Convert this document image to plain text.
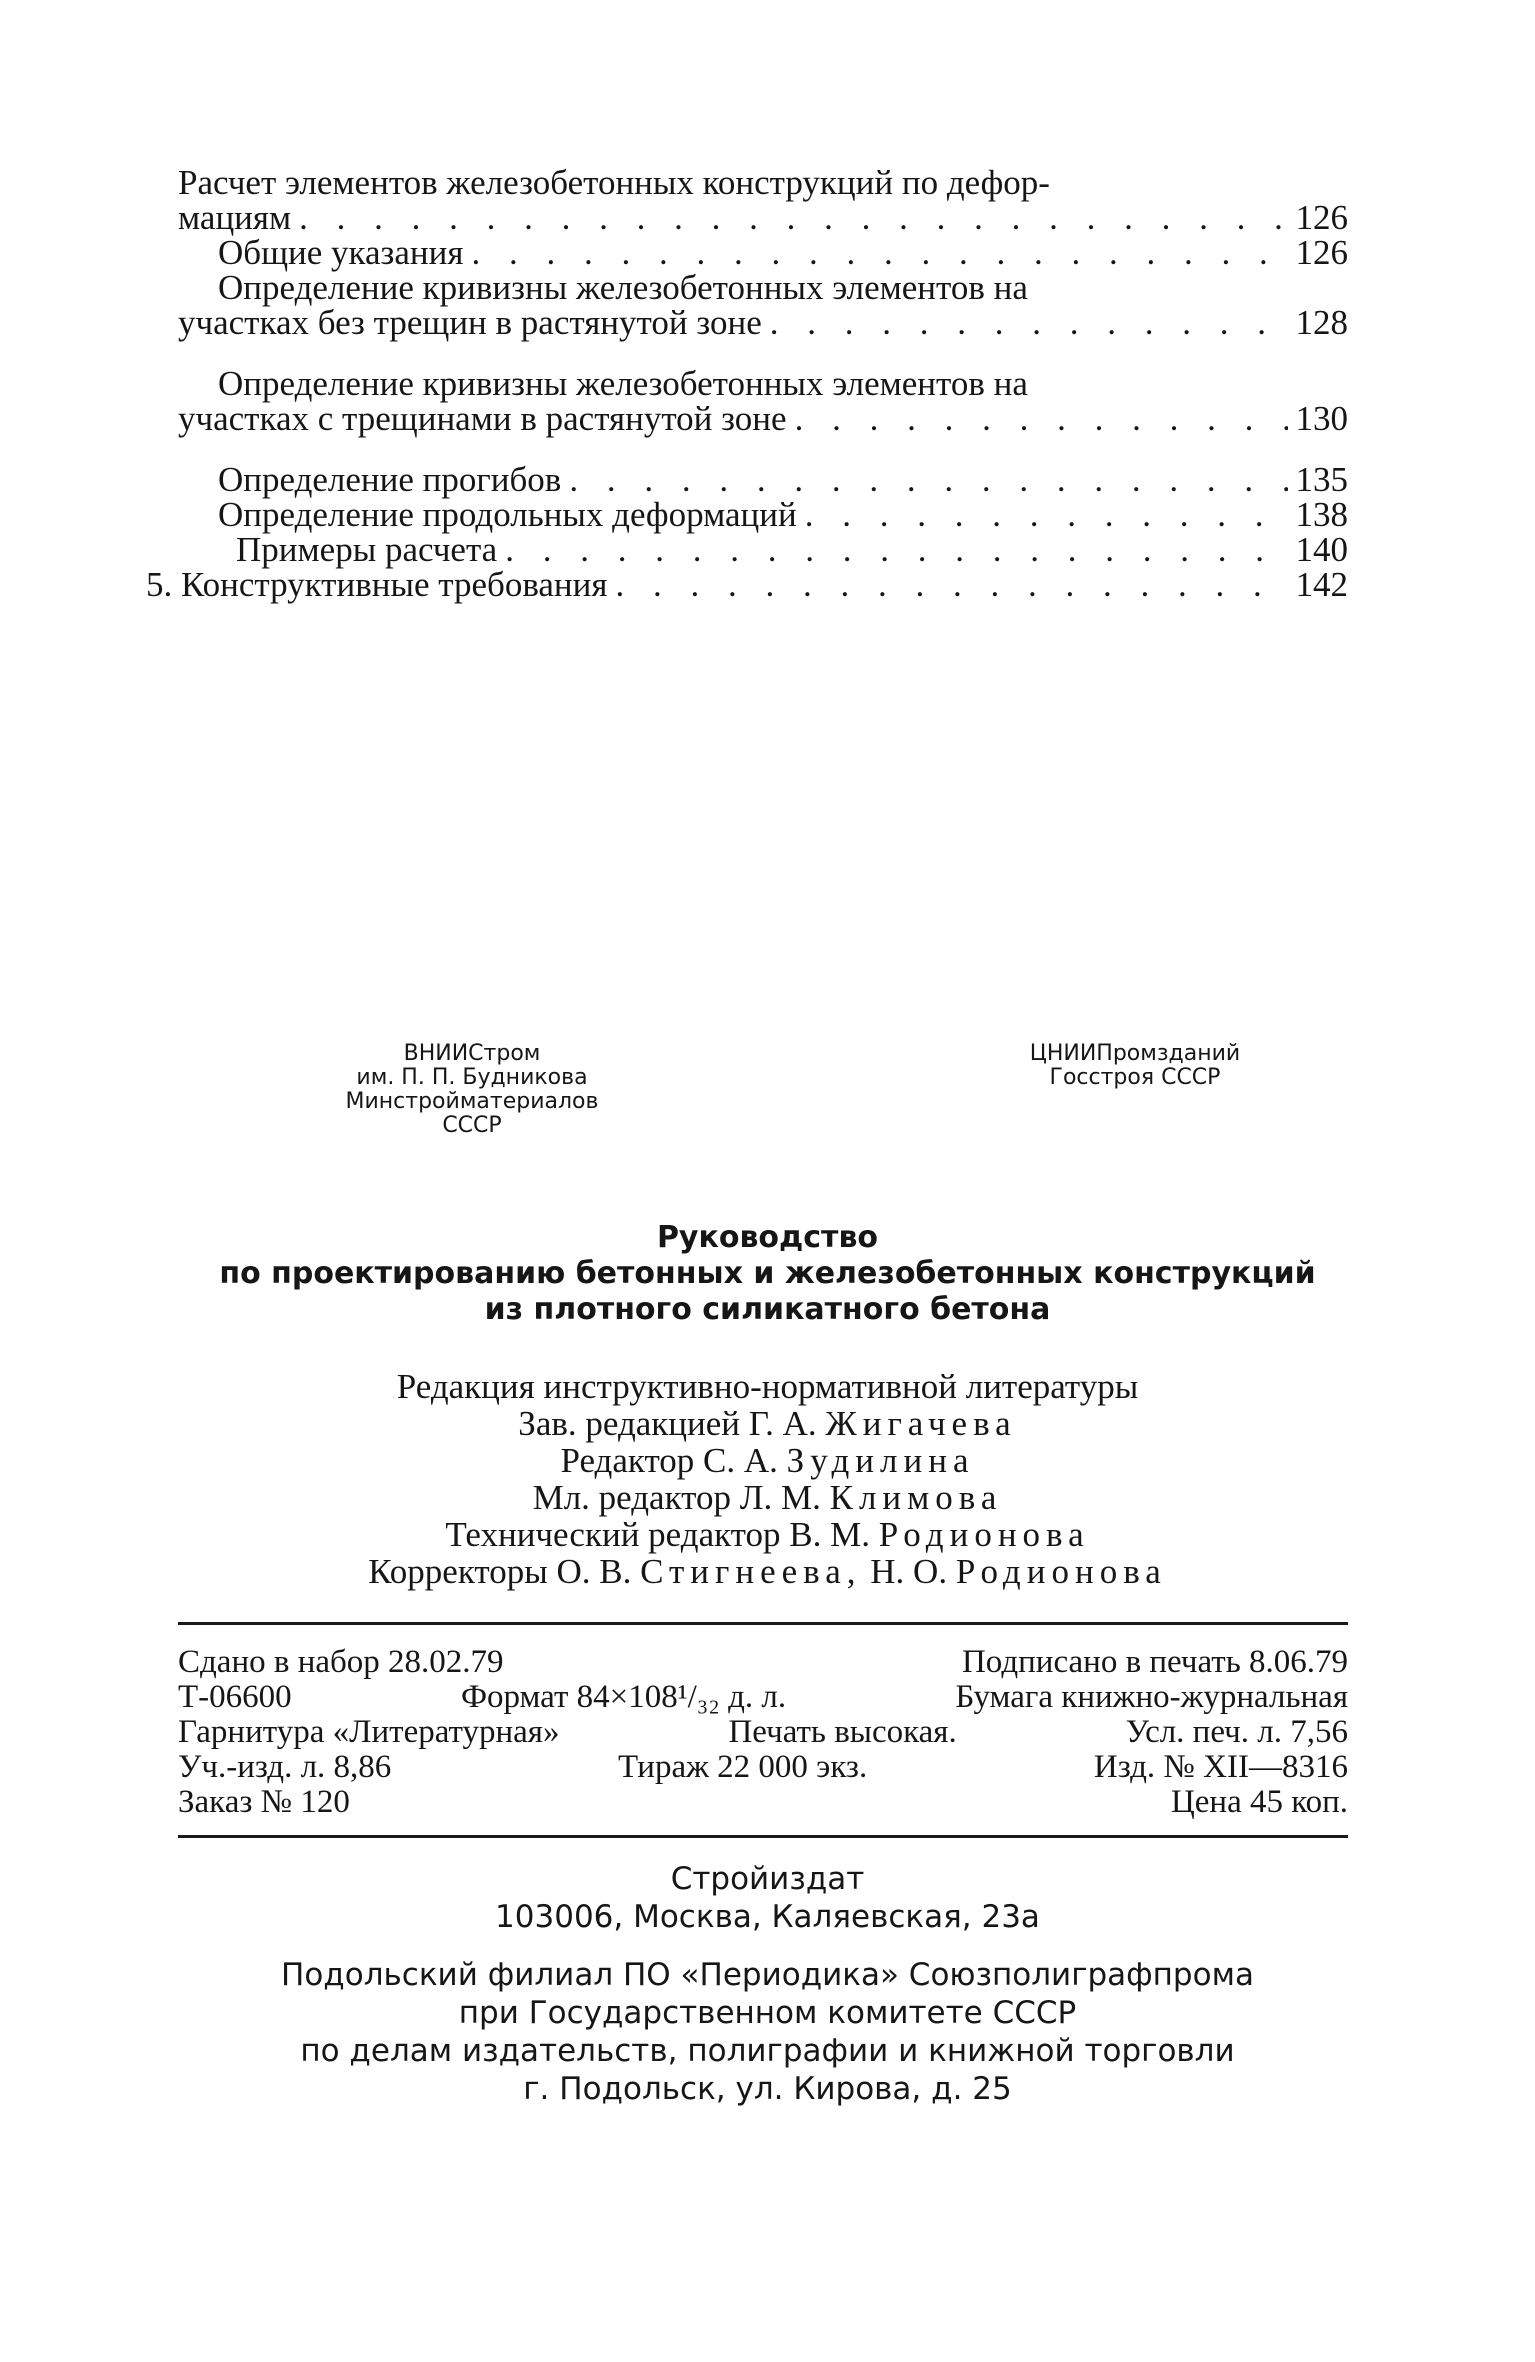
Расчет элементов железобетонных конструкций по дефор-
мациям . . .	126
Общие указания . . .	126
Определение кривизны железобетонных элементов на
участках без трещин в растянутой зоне . . .	128
Определение кривизны железобетонных элементов на
участках с трещинами в растянутой зоне . . .	130
Определение прогибов . . .	135
Определение продольных деформаций . . .	138
Примеры расчета . . .	140
5. Конструктивные требования . . .	142
ВНИИСтром
им. П. П. Будникова
Минстройматериалов
СССР
ЦНИИПромзданий
Госстроя СССР
Руководство
по проектированию бетонных и железобетонных конструкций
из плотного силикатного бетона
Редакция инструктивно-нормативной литературы
Зав. редакцией Г. А. Жигачева
Редактор С. А. Зудилина
Мл. редактор Л. М. Климова
Технический редактор В. М. Родионова
Корректоры О. В. Стигнеева, Н. О. Родионова
Сдано в набор 28.02.79	Подписано в печать 8.06.79
Т-06600	Формат 84×108¹/₃₂ д. л.	Бумага книжно-журнальная
Гарнитура «Литературная»	Печать высокая.	Усл. печ. л. 7,56
Уч.-изд. л. 8,86	Тираж 22 000 экз.	Изд. № XII—8316
Заказ № 120	Цена 45 коп.
Стройиздат
103006, Москва, Каляевская, 23а
Подольский филиал ПО «Периодика» Союзполиграфпрома
при Государственном комитете СССР
по делам издательств, полиграфии и книжной торговли
г. Подольск, ул. Кирова, д. 25
